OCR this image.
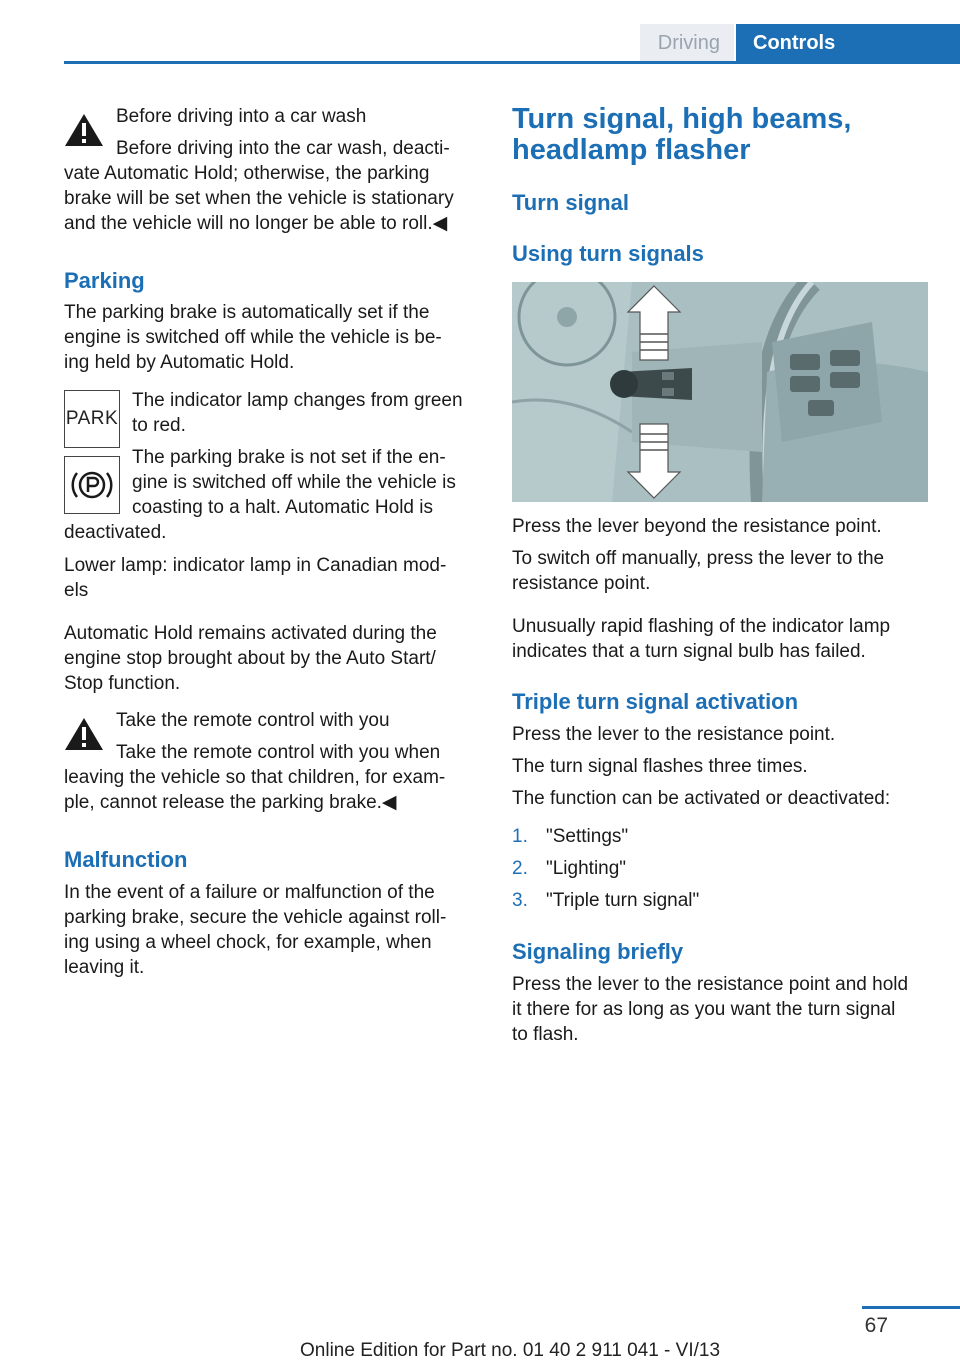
Driving	Controls

Before driving into a car wash

Before driving into the car wash, deacti-

vate Automatic Hold; otherwise, the parking

brake will be set when the vehicle is stationary

and the vehicle will no longer be able to roll.◀

Parking

The parking brake is automatically set if the

engine is switched off while the vehicle is be-

ing held by Automatic Hold.

PARK

The indicator lamp changes from green

to red.

The parking brake is not set if the en-

gine is switched off while the vehicle is

coasting to a halt. Automatic Hold is

deactivated.

Lower lamp: indicator lamp in Canadian mod-

els

Automatic Hold remains activated during the

engine stop brought about by the Auto Start/

Stop function.

Take the remote control with you

Take the remote control with you when

leaving the vehicle so that children, for exam-

ple, cannot release the parking brake.◀

Malfunction

In the event of a failure or malfunction of the

parking brake, secure the vehicle against roll-

ing using a wheel chock, for example, when

leaving it.

Turn signal, high beams,
headlamp flasher
Turn signal
Using turn signals

Press the lever beyond the resistance point.

To switch off manually, press the lever to the

resistance point.

Unusually rapid flashing of the indicator lamp

indicates that a turn signal bulb has failed.

Triple turn signal activation

Press the lever to the resistance point.

The turn signal flashes three times.

The function can be activated or deactivated:

1. "Settings"
2. "Lighting"
3. "Triple turn signal"
Signaling briefly

Press the lever to the resistance point and hold

it there for as long as you want the turn signal

to flash.

67
Online Edition for Part no. 01 40 2 911 041 - VI/13
